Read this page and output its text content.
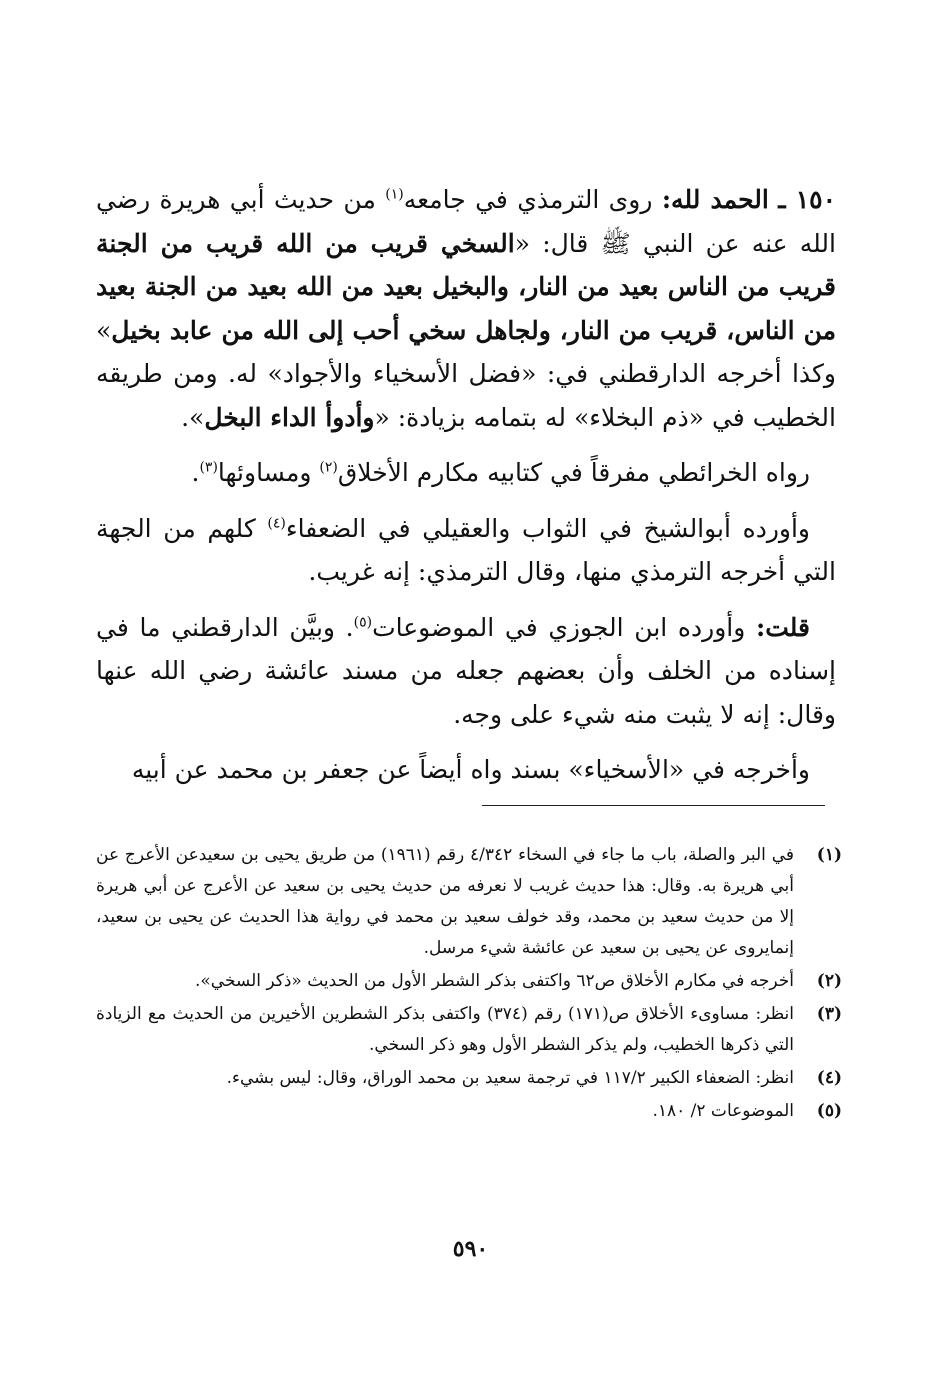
١٥٠ ـ الحمد لله: روى الترمذي في جامعه$^{(١)}$ من حديث أبي هريرة رضي الله عنه عن النبي ﷺ قال: «السخي قريب من الله قريب من الجنة قريب من الناس بعيد من النار، والبخيل بعيد من الله بعيد من الجنة بعيد من الناس، قريب من النار، ولجاهل سخي أحب إلى الله من عابد بخيل» وكذا أخرجه الدارقطني في: «فضل الأسخياء والأجواد» له. ومن طريقه الخطيب في «ذم البخلاء» له بتمامه بزيادة: «وأدوأ الداء البخل».

رواه الخرائطي مفرقاً في كتابيه مكارم الأخلاق$^{(٢)}$ ومساوئها$^{(٣)}$.

وأورده أبوالشيخ في الثواب والعقيلي في الضعفاء$^{(٤)}$ كلهم من الجهة التي أخرجه الترمذي منها، وقال الترمذي: إنه غريب.

قلت: وأورده ابن الجوزي في الموضوعات$^{(٥)}$. وبيَّن الدارقطني ما في إسناده من الخلف وأن بعضهم جعله من مسند عائشة رضي الله عنها وقال: إنه لا يثبت منه شيء على وجه.

وأخرجه في «الأسخياء» بسند واه أيضاً عن جعفر بن محمد عن أبيه

(١)
في البر والصلة، باب ما جاء في السخاء ٤/٣٤٢ رقم (١٩٦١) من طريق يحيى بن سعيدعن الأعرج عن أبي هريرة به. وقال: هذا حديث غريب لا نعرفه من حديث يحيى بن سعيد عن الأعرج عن أبي هريرة إلا من حديث سعيد بن محمد، وقد خولف سعيد بن محمد في رواية هذا الحديث عن يحيى بن سعيد، إنمايروى عن يحيى بن سعيد عن عائشة شيء مرسل.
(٢)
أخرجه في مكارم الأخلاق ص٦٢ واكتفى بذكر الشطر الأول من الحديث «ذكر السخي».
(٣)
انظر: مساوىء الأخلاق ص(١٧١) رقم (٣٧٤) واكتفى بذكر الشطرين الأخيرين من الحديث مع الزيادة التي ذكرها الخطيب، ولم يذكر الشطر الأول وهو ذكر السخي.
(٤)
انظر: الضعفاء الكبير ١١٧/٢ في ترجمة سعيد بن محمد الوراق، وقال: ليس بشيء.
(٥)
الموضوعات ٢/ ١٨٠.
٥٩٠
